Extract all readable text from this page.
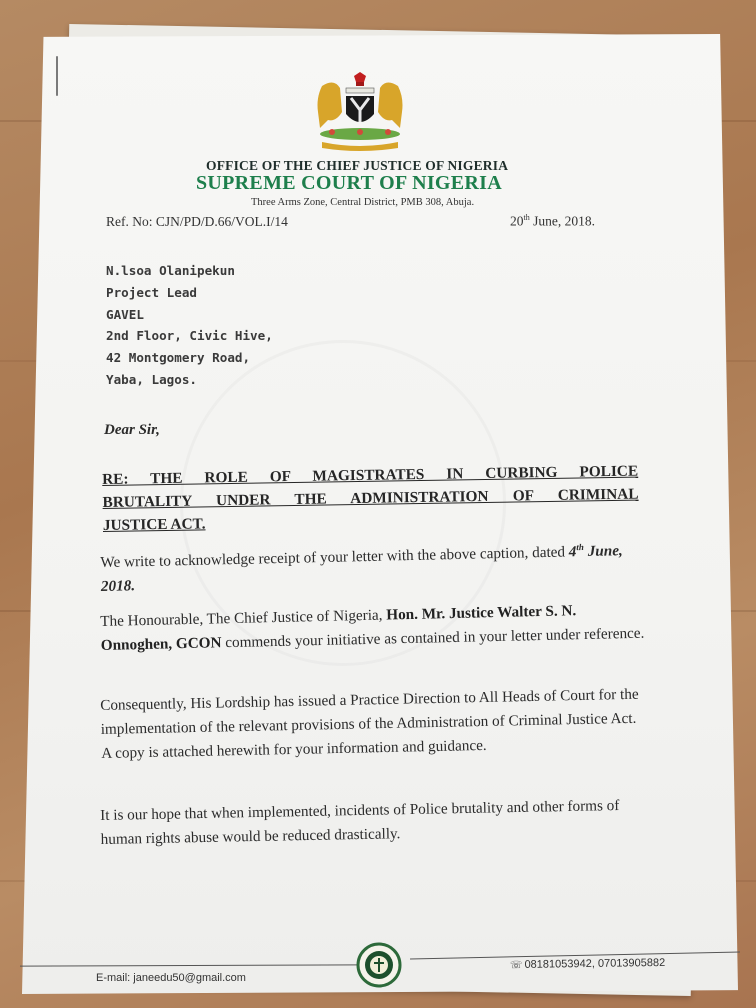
OFFICE OF THE CHIEF JUSTICE OF NIGERIA
SUPREME COURT OF NIGERIA
Three Arms Zone, Central District, PMB 308, Abuja.
Ref. No: CJN/PD/D.66/VOL.I/14	20th June, 2018.
N.lsoa Olanipekun
Project Lead
GAVEL
2nd Floor, Civic Hive,
42 Montgomery Road,
Yaba, Lagos.
Dear Sir,
RE:  THE  ROLE  OF  MAGISTRATES  IN  CURBING  POLICE
BRUTALITY  UNDER  THE  ADMINISTRATION  OF  CRIMINAL
JUSTICE ACT.
We write to acknowledge receipt of your letter with the above caption, dated 4th June, 2018.
The Honourable, The Chief Justice of Nigeria, Hon. Mr. Justice Walter S. N. Onnoghen, GCON commends your initiative as contained in your letter under reference.
Consequently, His Lordship has issued a Practice Direction to All Heads of Court for the implementation of the relevant provisions of the Administration of Criminal Justice Act. A copy is attached herewith for your information and guidance.
It is our hope that when implemented, incidents of Police brutality and other forms of human rights abuse would be reduced drastically.
E-mail: janeedu50@gmail.com
☏ 08181053942, 07013905882
